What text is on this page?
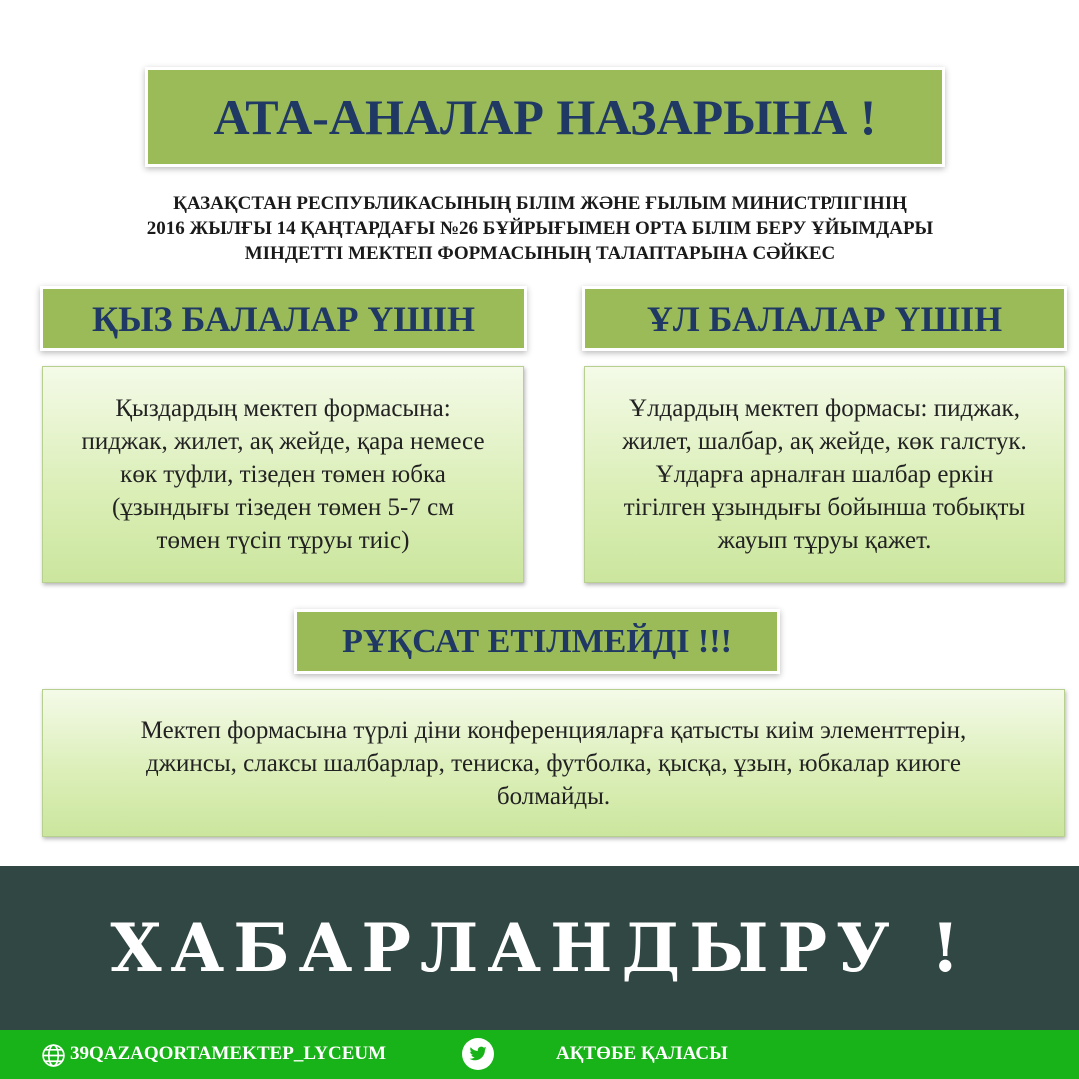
АТА-АНАЛАР НАЗАРЫНА !
ҚАЗАҚСТАН РЕСПУБЛИКАСЫНЫҢ БІЛІМ ЖӘНЕ ҒЫЛЫМ МИНИСТРЛІГІНІҢ
2016 ЖЫЛҒЫ 14 ҚАҢТАРДАҒЫ №26 БҰЙРЫҒЫМЕН ОРТА БІЛІМ БЕРУ ҰЙЫМДАРЫ
МІНДЕТТІ МЕКТЕП ФОРМАСЫНЫҢ ТАЛАПТАРЫНА СӘЙКЕС
ҚЫЗ БАЛАЛАР ҮШІН	ҰЛ БАЛАЛАР ҮШІН
Қыздардың мектеп формасына:
пиджак, жилет, ақ жейде, қара немесе
көк туфли, тізеден төмен юбка
(ұзындығы тізеден төмен 5-7 см
төмен түсіп тұруы тиіс)
Ұлдардың мектеп формасы: пиджак,
жилет, шалбар, ақ жейде, көк галстук.
Ұлдарға арналған шалбар еркін
тігілген ұзындығы бойынша тобықты
жауып тұруы қажет.
РҰҚСАТ ЕТІЛМЕЙДІ !!!
Мектеп формасына түрлі діни конференцияларға қатысты киім элементтерін,
джинсы, слаксы шалбарлар, тениска, футболка, қысқа, ұзын, юбкалар киюге
болмайды.
ХАБАРЛАНДЫРУ !
39QAZAQORTAMEKTEP_LYCEUM	АҚТӨБЕ ҚАЛАСЫ
